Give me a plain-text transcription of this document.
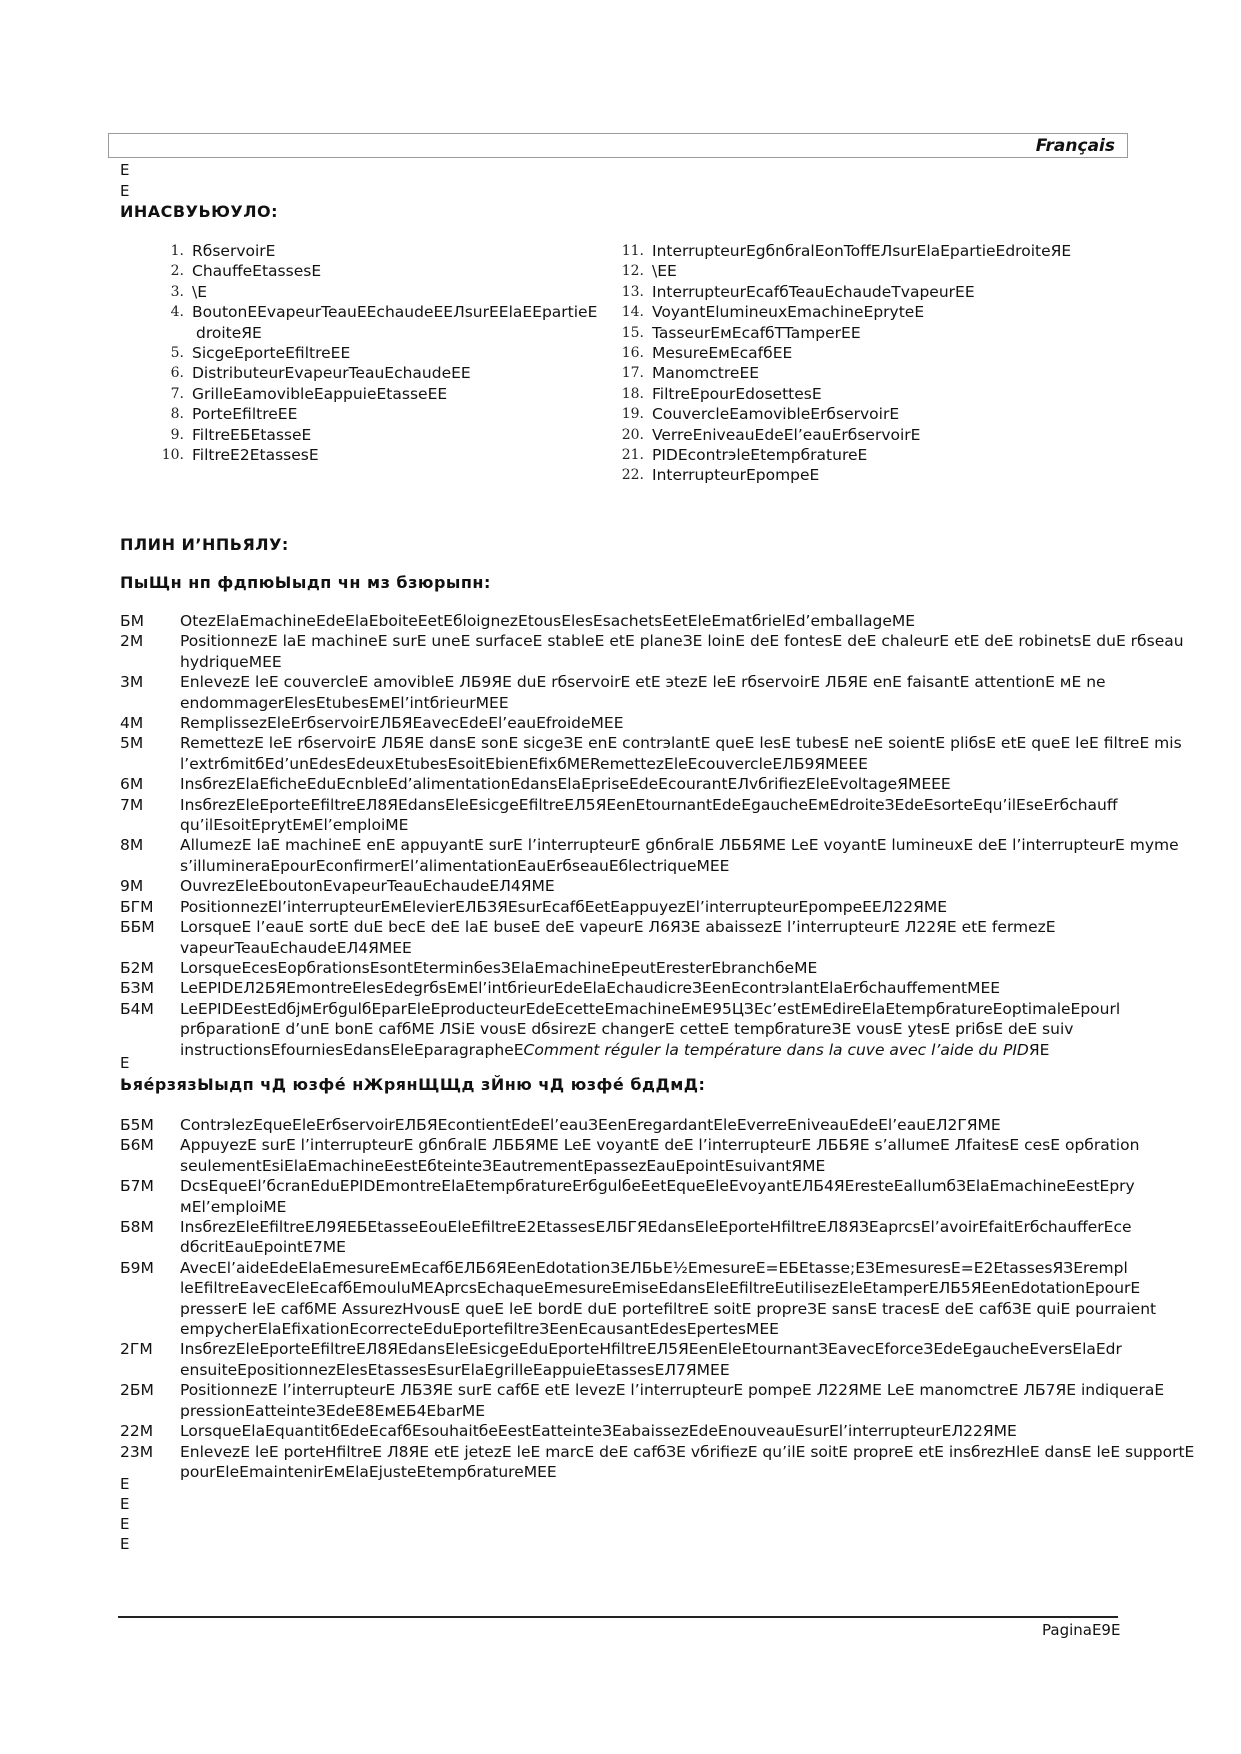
Français
E
E
ИНАСВУЬЮУЛО:
1. RбservoirE
2. ChauffeEtassesE
3. \E
4. BoutonEEvapeurTeauEEchaudeEEЛsurEElaEEpartieE
droiteЯE
5. SicgeEporteEfiltreEE
6. DistributeurEvapeurTeauEchaudeEE
7. GrilleEamovibleEappuieEtasseEE
8. PorteEfiltreEE
9. FiltreEБEtasseE
10. FiltreE2EtassesE
11. InterrupteurEgбnбralEonToffEЛsurElaEpartieEdroiteЯE
12. \EE
13. InterrupteurEcafбTeauEchaudeTvapeurEE
14. VoyantElumineuxEmachineEpryteE
15. TasseurEмEcafбTTamperEE
16. MesureEмEcafбEE
17. ManomctreEE
18. FiltreEpourEdosettesE
19. CouvercleEamovibleErбservoirE
20. VerreEniveauEdeEl’eauErбservoirE
21. PIDEcontrэleEtempбratureE
22. InterrupteurEpompeE
ПЛИН И’НПЬЯЛУ:
ПыЩн нп фдпюЫыдп чн мз бзюрыпн:
БМ	OtezElaEmachineEdeElaEboiteEetEбloignezEtousElesEsachetsEetEleEmatбrielEd’emballageME
2М	PositionnezE laE machineE surE uneE surfaceE stableE etE planeЗE loinE deE fontesE deE chaleurE etE deE robinetsE duE rбseau
hydriqueMEE
3М	EnlevezE leE couvercleE amovibleE ЛБ9ЯE duE rбservoirE etE эtezE leE rбservoirE ЛБЯE enE faisantE attentionE мE ne
endommagerElesEtubesEмEl’intбrieurMEE
4М	RemplissezEleErбservoirEЛБЯEavecEdeEl’eauEfroideMEE
5М	RemettezE leE rбservoirE ЛБЯE dansE sonE sicgeЗE enE contrэlantE queE lesE tubesE neE soientE pliбsE etE queE leE filtreE mis
l’extrбmitбEd’unEdesEdeuxEtubesEsoitEbienEfixбMERemettezEleEcouvercleEЛБ9ЯMEEE
6М	InsбrezElaEficheEduEcnbleEd’alimentationEdansElaEpriseEdeEcourantEЛvбrifiezEleEvoltageЯMEEE
7М	InsбrezEleEporteEfiltreEЛ8ЯEdansEleEsicgeEfiltreEЛ5ЯEenEtournantEdeEgaucheEмEdroiteЗEdeEsorteEqu’ilEseErбchauff
qu’ilEsoitEprytEмEl’emploiME
8М	AllumezE laE machineE enE appuyantE surE l’interrupteurE gбnбralE ЛББЯME LeE voyantE lumineuxE deE l’interrupteurE myme
s’illumineraEpourEconfirmerEl’alimentationEauErбseauEбlectriqueMEE
9М	OuvrezEleEboutonEvapeurTeauEchaudeEЛ4ЯME
БГМ	PositionnezEl’interrupteurEмElevierEЛБЗЯEsurEcafбEetEappuyezEl’interrupteurEpompeEEЛ22ЯME
ББМ	LorsqueE l’eauE sortE duE becE deE laE buseE deE vapeurE Л6ЯЗE abaissezE l’interrupteurE Л22ЯE etE fermezE
vapeurTeauEchaudeEЛ4ЯMEE
Б2М	LorsqueEcesEopбrationsEsontEterminбesЗElaEmachineEpeutEresterEbranchбeME
БЗМ	LeEPIDEЛ2БЯEmontreElesEdegrбsEмEl’intбrieurEdeElaEchaudicreЗEenEcontrэlantElaErбchauffementMEE
Б4М	LeEPIDEestEdбjмErбgulбEparEleEproducteurEdeEcetteEmachineEмE95ЦЗEc’estEмEdireElaEtempбratureEoptimaleEpourl
prбparationE d’unE bonE cafбME ЛSiE vousE dбsirezE changerE cetteE tempбratureЗE vousE ytesE priбsE deE suiv
instructionsEfourniesEdansEleEparagrapheEComment réguler la température dans la cuve avec l’aide du PIDЯE
E
ЬяéрзязЫыдп чД юзфé нЖрянЩЩд зЙню чД юзфé бдДмД:
Б5М	ContrэlezEqueEleErбservoirEЛБЯEcontientEdeEl’eauЗEenEregardantEleEverreEniveauEdeEl’eauEЛ2ГЯME
Б6М	AppuyezE surE l’interrupteurE gбnбralE ЛББЯME LeE voyantE deE l’interrupteurE ЛББЯE s’allumeE ЛfaitesE cesE opбration
seulementEsiElaEmachineEestEбteinteЗEautrementEpassezEauEpointEsuivantЯME
Б7М	DcsEqueEl’бcranEduEPIDEmontreElaEtempбratureErбgulбeEetEqueEleEvoyantEЛБ4ЯEresteEallumбЗElaEmachineEestEpry
мEl’emploiME
Б8М	InsбrezEleEfiltreEЛ9ЯEБEtasseEouEleEfiltreE2EtassesEЛБГЯEdansEleEporteHfiltreEЛ8ЯЗEaprcsEl’avoirEfaitErбchaufferEce
dбcritEauEpointE7ME
Б9М	AvecEl’aideEdeElaEmesureEмEcafбEЛБ6ЯEenEdotationЗEЛБЬE½EmesureE=EБEtasse;EЗEmesuresE=E2EtassesЯЗErempl
leEfiltreEavecEleEcafбEmouluMEAprcsEchaqueEmesureEmiseEdansEleEfiltreEutilisezEleEtamperEЛБ5ЯEenEdotationEpourE
presserE leE cafбME AssurezHvousE queE leE bordE duE portefiltreE soitE propreЗE sansE tracesE deE cafбЗE quiE pourraient
empycherElaEfixationEcorrecteEduEportefiltreЗEenEcausantEdesEpertesMEE
2ГМ	InsбrezEleEporteEfiltreEЛ8ЯEdansEleEsicgeEduEporteHfiltreEЛ5ЯEenEleEtournantЗEavecEforceЗEdeEgaucheEversElaEdr
ensuiteEpositionnezElesEtassesEsurElaEgrilleEappuieEtassesEЛ7ЯMEE
2БМ	PositionnezE l’interrupteurE ЛБЗЯE surE cafбE etE levezE l’interrupteurE pompeE Л22ЯME LeE manomctreE ЛБ7ЯE indiqueraE
pressionEatteinteЗEdeE8EмEБ4EbarME
22М	LorsqueElaEquantitбEdeEcafбEsouhaitбeEestEatteinteЗEabaissezEdeEnouveauEsurEl’interrupteurEЛ22ЯME
23М	EnlevezE leE porteHfiltreE Л8ЯE etE jetezE leE marcE deE cafбЗE vбrifiezE qu’ilE soitE propreE etE insбrezHleE dansE leE supportE
pourEleEmaintenirEмElaEjusteEtempбratureMEE
E
E
E
E
PaginaE9E
